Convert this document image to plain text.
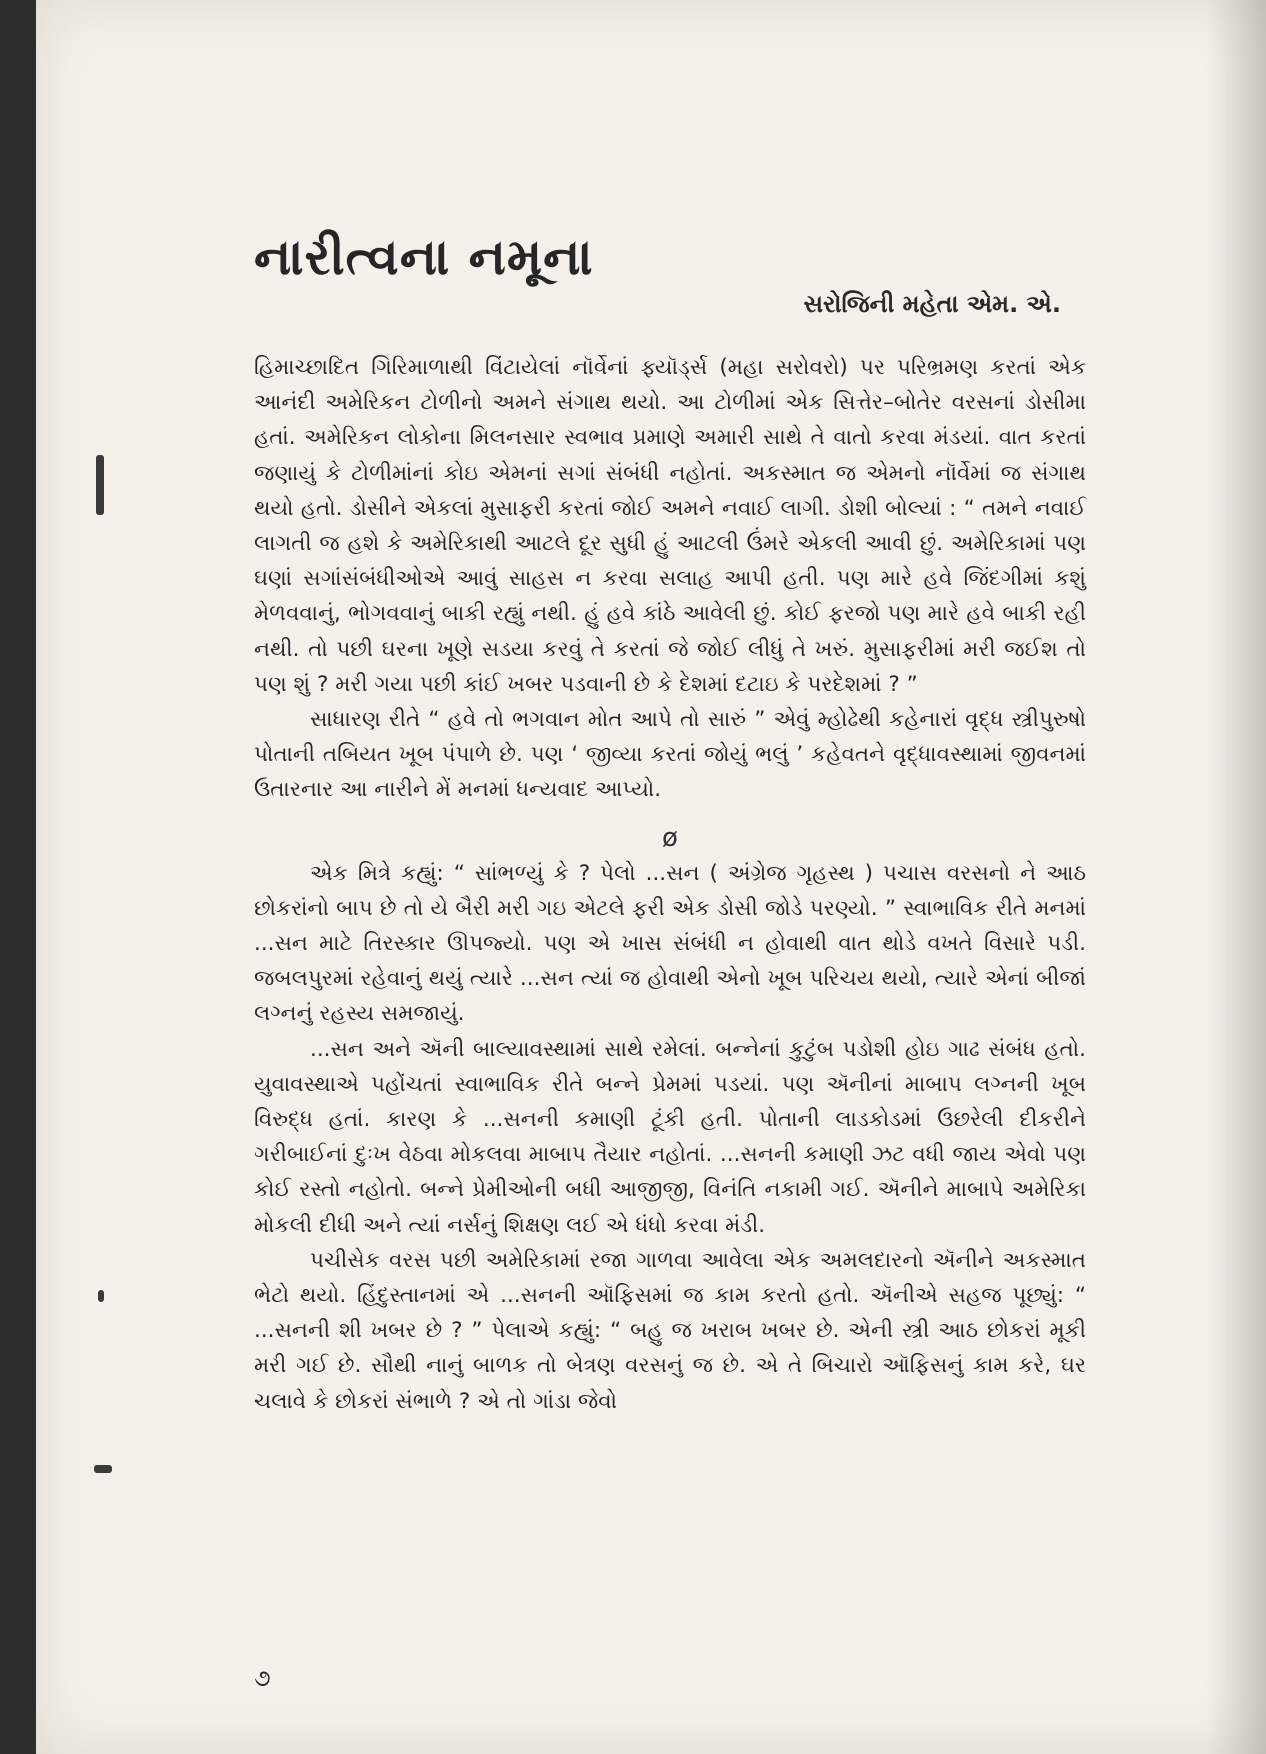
નારીત્વના નમૂના
સરોજિની મહેતા એમ. એ.

હિમાચ્છાદિત ગિરિમાળાથી વિંટાયેલાં નૉર્વેનાં ફ્યૉર્ડ્સ (મહા સરોવરો) પર પરિભ્રમણ કરતાં એક આનંદી અમેરિકન ટોળીનો અમને સંગાથ થયો. આ ટોળીમાં એક સિત્તેર–બોતેર વરસનાં ડોસીમા હતાં. અમેરિકન લોકોના મિલનસાર સ્વભાવ પ્રમાણે અમારી સાથે તે વાતો કરવા મંડયાં. વાત કરતાં જણાયું કે ટોળીમાંનાં કોઇ એમનાં સગાં સંબંધી નહોતાં. અકસ્માત જ એમનો નૉર્વેમાં જ સંગાથ થયો હતો. ડોસીને એકલાં મુસાફરી કરતાં જોઈ અમને નવાઈ લાગી. ડોશી બોલ્યાં : “ તમને નવાઈ લાગતી જ હશે કે અમેરિકાથી આટલે દૂર સુધી હું આટલી ઉંમરે એકલી આવી છું. અમેરિકામાં પણ ઘણાં સગાંસંબંધીઓએ આવું સાહસ ન કરવા સલાહ આપી હતી. પણ મારે હવે જિંદગીમાં કશું મેળવવાનું, ભોગવવાનું બાકી રહ્યું નથી. હું હવે કાંઠે આવેલી છું. કોઈ ફરજો પણ મારે હવે બાકી રહી નથી. તો પછી ઘરના ખૂણે સડયા કરવું તે કરતાં જે જોઈ લીધું તે ખરું. મુસાફરીમાં મરી જઈશ તો પણ શું ? મરી ગયા પછી કાંઈ ખબર પડવાની છે કે દેશમાં દટાઇ કે પરદેશમાં ? ”

સાધારણ રીતે “ હવે તો ભગવાન મોત આપે તો સારું ” એવું મ્હોઢેથી કહેનારાં વૃદ્ધ સ્ત્રીપુરુષો પોતાની તબિયત ખૂબ પંપાળે છે. પણ ‘ જીવ્યા કરતાં જોયું ભલું ’ કહેવતને વૃદ્ધાવસ્થામાં જીવનમાં ઉતારનાર આ નારીને મેં મનમાં ધન્યવાદ આપ્યો.

ø

એક મિત્રે કહ્યું: “ સાંભળ્યું કે ? પેલો ...સન ( અંગ્રેજ ગૃહસ્થ ) પચાસ વરસનો ને આઠ છોકરાંનો બાપ છે તો યે બૈરી મરી ગઇ એટલે ફરી એક ડોસી જોડે પરણ્યો. ” સ્વાભાવિક રીતે મનમાં ...સન માટે તિરસ્કાર ઊપજ્યો. પણ એ ખાસ સંબંધી ન હોવાથી વાત થોડે વખતે વિસારે પડી. જબલપુરમાં રહેવાનું થયું ત્યારે ...સન ત્યાં જ હોવાથી એનો ખૂબ પરિચય થયો, ત્યારે એનાં બીજાં લગ્નનું રહસ્ય સમજાયું.

...સન અને ઍની બાલ્યાવસ્થામાં સાથે રમેલાં. બન્નેનાં કુટુંબ પડોશી હોઇ ગાઢ સંબંધ હતો. યુવાવસ્થાએ પહોંચતાં સ્વાભાવિક રીતે બન્ને પ્રેમમાં પડયાં. પણ ઍનીનાં માબાપ લગ્નની ખૂબ વિરુદ્ધ હતાં. કારણ કે ...સનની કમાણી ટૂંકી હતી. પોતાની લાડકોડમાં ઉછરેલી દીકરીને ગરીબાઈનાં દુઃખ વેઠવા મોકલવા માબાપ તૈયાર નહોતાં. ...સનની કમાણી ઝટ વધી જાય એવો પણ કોઈ રસ્તો નહોતો. બન્ને પ્રેમીઓની બધી આજીજી, વિનંતિ નકામી ગઈ. ઍનીને માબાપે અમેરિકા મોકલી દીધી અને ત્યાં નર્સનું શિક્ષણ લઈ એ ધંધો કરવા મંડી.

પચીસેક વરસ પછી અમેરિકામાં રજા ગાળવા આવેલા એક અમલદારનો ઍનીને અકસ્માત ભેટો થયો. હિંદુસ્તાનમાં એ ...સનની ઑફિસમાં જ કામ કરતો હતો. ઍનીએ સહજ પૂછ્યું: “ ...સનની શી ખબર છે ? ” પેલાએ કહ્યું: “ બહુ જ ખરાબ ખબર છે. એની સ્ત્રી આઠ છોકરાં મૂકી મરી ગઈ છે. સૌથી નાનું બાળક તો બેત્રણ વરસનું જ છે. એ તે બિચારો ઑફિસનું કામ કરે, ઘર ચલાવે કે છોકરાં સંભાળે ? એ તો ગાંડા જેવો

૭
